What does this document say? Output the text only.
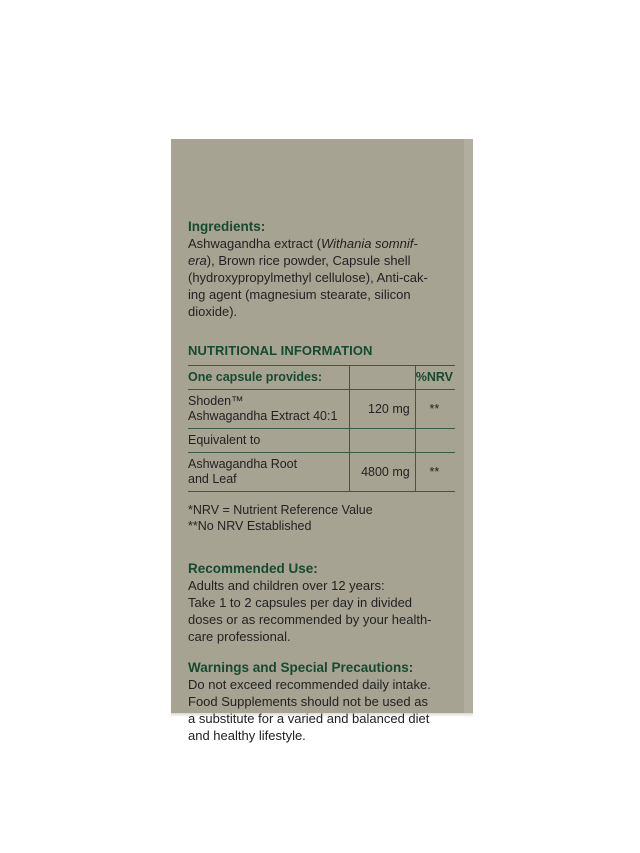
Ingredients:
Ashwagandha extract (Withania somnif-
era), Brown rice powder, Capsule shell
(hydroxypropylmethyl cellulose), Anti-cak-
ing agent (magnesium stearate, silicon
dioxide).
NUTRITIONAL INFORMATION
One capsule provides:		%NRV

Shoden™
Ashwagandha Extract 40:1	120 mg	**

Equivalent to		

Ashwagandha Root
and Leaf	4800 mg	**
*NRV = Nutrient Reference Value
**No NRV Established
Recommended Use:
Adults and children over 12 years:
Take 1 to 2 capsules per day in divided
doses or as recommended by your health-
care professional.
Warnings and Special Precautions:
Do not exceed recommended daily intake.
Food Supplements should not be used as
a substitute for a varied and balanced diet
and healthy lifestyle.
